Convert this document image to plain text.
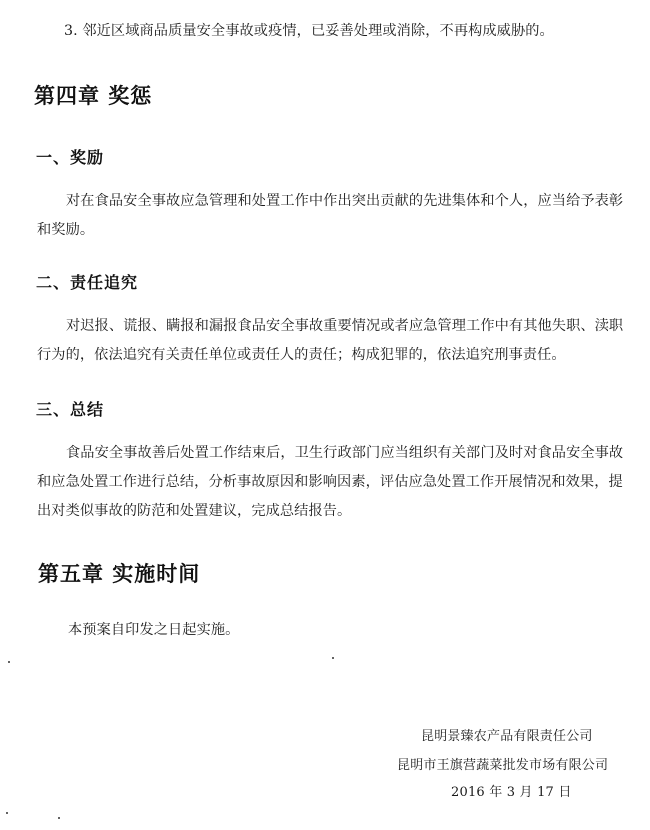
3. 邻近区域商品质量安全事故或疫情，已妥善处理或消除，不再构成威胁的。
第四章 奖惩
一、奖励
对在食品安全事故应急管理和处置工作中作出突出贡献的先进集体和个人，应当给予表彰
和奖励。
二、责任追究
对迟报、谎报、瞒报和漏报食品安全事故重要情况或者应急管理工作中有其他失职、渎职
行为的，依法追究有关责任单位或责任人的责任；构成犯罪的，依法追究刑事责任。
三、总结
食品安全事故善后处置工作结束后，卫生行政部门应当组织有关部门及时对食品安全事故
和应急处置工作进行总结，分析事故原因和影响因素，评估应急处置工作开展情况和效果，提
出对类似事故的防范和处置建议，完成总结报告。
第五章 实施时间
本预案自印发之日起实施。
昆明景臻农产品有限责任公司
昆明市王旗营蔬菜批发市场有限公司
2016 年 3 月 17 日
